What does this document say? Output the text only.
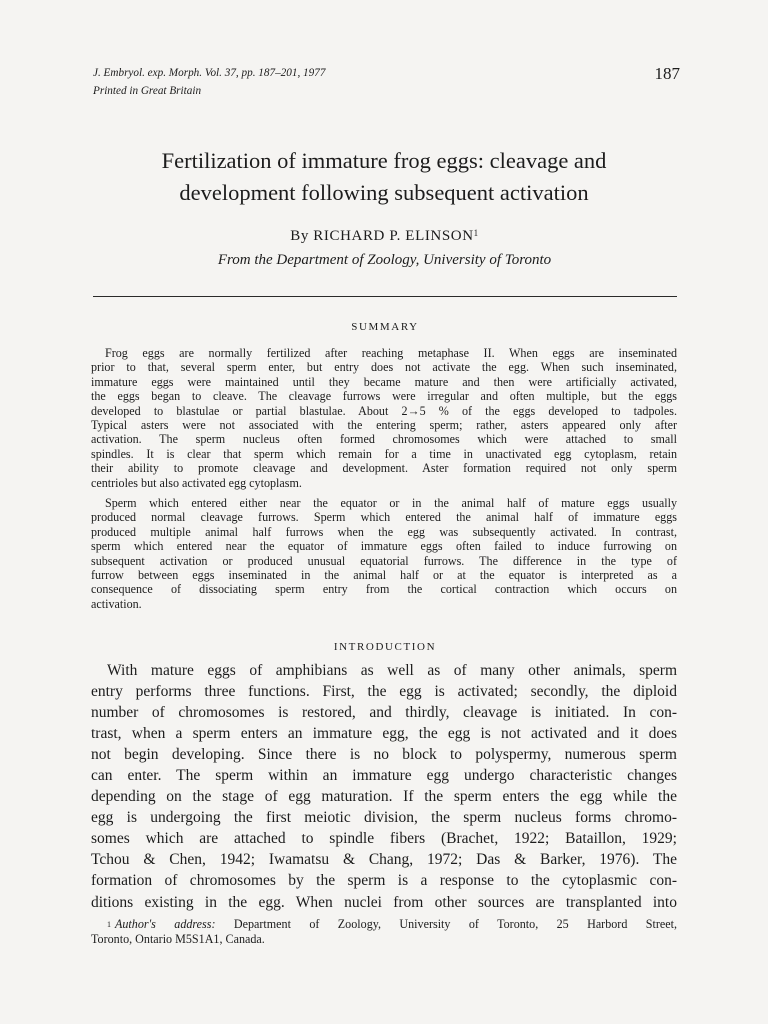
J. Embryol. exp. Morph. Vol. 37, pp. 187–201, 1977

Printed in Great Britain

187

Fertilization of immature frog eggs: cleavage and
development following subsequent activation

By RICHARD P. ELINSON$^1$

From the Department of Zoology, University of Toronto

SUMMARY

Frog eggs are normally fertilized after reaching metaphase II. When eggs are inseminated
prior to that, several sperm enter, but entry does not activate the egg. When such inseminated,
immature eggs were maintained until they became mature and then were artificially activated,
the eggs began to cleave. The cleavage furrows were irregular and often multiple, but the eggs
developed to blastulae or partial blastulae. About 2→5 % of the eggs developed to tadpoles.
Typical asters were not associated with the entering sperm; rather, asters appeared only after
activation. The sperm nucleus often formed chromosomes which were attached to small
spindles. It is clear that sperm which remain for a time in unactivated egg cytoplasm, retain
their ability to promote cleavage and development. Aster formation required not only sperm
centrioles but also activated egg cytoplasm.
Sperm which entered either near the equator or in the animal half of mature eggs usually
produced normal cleavage furrows. Sperm which entered the animal half of immature eggs
produced multiple animal half furrows when the egg was subsequently activated. In contrast,
sperm which entered near the equator of immature eggs often failed to induce furrowing on
subsequent activation or produced unusual equatorial furrows. The difference in the type of
furrow between eggs inseminated in the animal half or at the equator is interpreted as a
consequence of dissociating sperm entry from the cortical contraction which occurs on
activation.

INTRODUCTION

With mature eggs of amphibians as well as of many other animals, sperm
entry performs three functions. First, the egg is activated; secondly, the diploid
number of chromosomes is restored, and thirdly, cleavage is initiated. In con-
trast, when a sperm enters an immature egg, the egg is not activated and it does
not begin developing. Since there is no block to polyspermy, numerous sperm
can enter. The sperm within an immature egg undergo characteristic changes
depending on the stage of egg maturation. If the sperm enters the egg while the
egg is undergoing the first meiotic division, the sperm nucleus forms chromo-
somes which are attached to spindle fibers (Brachet, 1922; Bataillon, 1929;
Tchou & Chen, 1942; Iwamatsu & Chang, 1972; Das & Barker, 1976). The
formation of chromosomes by the sperm is a response to the cytoplasmic con-
ditions existing in the egg. When nuclei from other sources are transplanted into
$^1$ Author's address: Department of Zoology, University of Toronto, 25 Harbord Street,
Toronto, Ontario M5S1A1, Canada.
